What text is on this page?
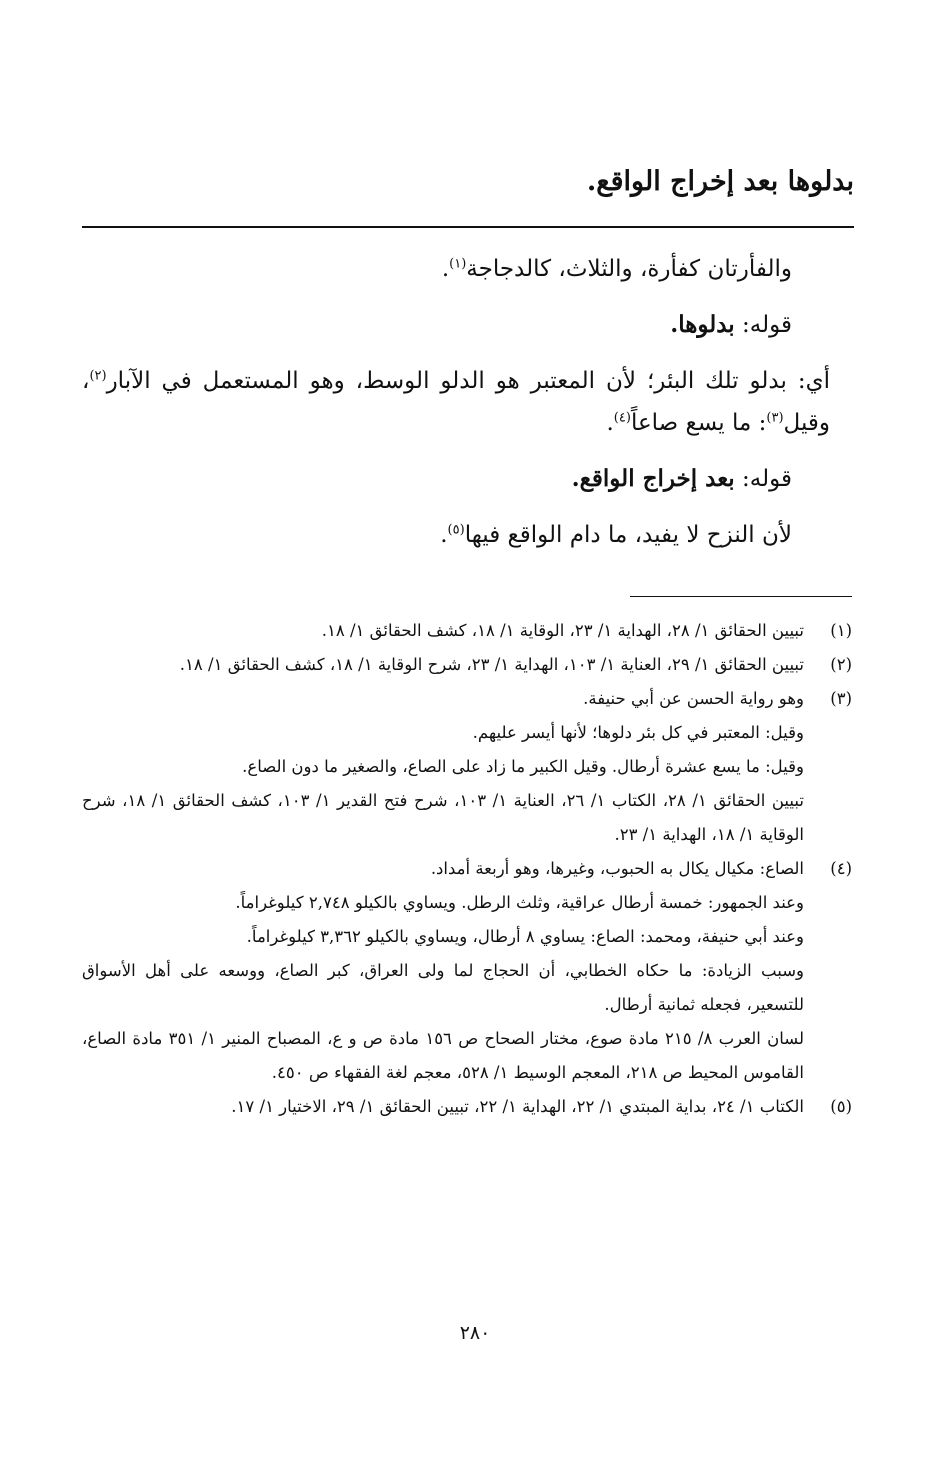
بدلوها بعد إخراج الواقع.

والفأرتان كفأرة، والثلاث، كالدجاجة$^{(١)}$.

قوله: بدلوها.

أي: بدلو تلك البئر؛ لأن المعتبر هو الدلو الوسط، وهو المستعمل في الآبار$^{(٢)}$، وقيل$^{(٣)}$: ما يسع صاعاً$^{(٤)}$.

قوله: بعد إخراج الواقع.

لأن النزح لا يفيد، ما دام الواقع فيها$^{(٥)}$.

(١)
تبيين الحقائق ١/ ٢٨، الهداية ١/ ٢٣، الوقاية ١/ ١٨، كشف الحقائق ١/ ١٨.
(٢)
تبيين الحقائق ١/ ٢٩، العناية ١/ ١٠٣، الهداية ١/ ٢٣، شرح الوقاية ١/ ١٨، كشف الحقائق ١/ ١٨.
(٣)
وهو رواية الحسن عن أبي حنيفة.
وقيل: المعتبر في كل بئر دلوها؛ لأنها أيسر عليهم.
وقيل: ما يسع عشرة أرطال. وقيل الكبير ما زاد على الصاع، والصغير ما دون الصاع.
تبيين الحقائق ١/ ٢٨، الكتاب ١/ ٢٦، العناية ١/ ١٠٣، شرح فتح القدير ١/ ١٠٣، كشف الحقائق ١/ ١٨، شرح الوقاية ١/ ١٨، الهداية ١/ ٢٣.
(٤)
الصاع: مكيال يكال به الحبوب، وغيرها، وهو أربعة أمداد.
وعند الجمهور: خمسة أرطال عراقية، وثلث الرطل. ويساوي بالكيلو ٢,٧٤٨ كيلوغراماً.
وعند أبي حنيفة، ومحمد: الصاع: يساوي ٨ أرطال، ويساوي بالكيلو ٣,٣٦٢ كيلوغراماً.
وسبب الزيادة: ما حكاه الخطابي، أن الحجاج لما ولى العراق، كبر الصاع، ووسعه على أهل الأسواق للتسعير، فجعله ثمانية أرطال.
لسان العرب ٨/ ٢١٥ مادة صوع، مختار الصحاح ص ١٥٦ مادة ص و ع، المصباح المنير ١/ ٣٥١ مادة الصاع، القاموس المحيط ص ٢١٨، المعجم الوسيط ١/ ٥٢٨، معجم لغة الفقهاء ص ٤٥٠.
(٥)
الكتاب ١/ ٢٤، بداية المبتدي ١/ ٢٢، الهداية ١/ ٢٢، تبيين الحقائق ١/ ٢٩، الاختيار ١/ ١٧.
٢٨٠
